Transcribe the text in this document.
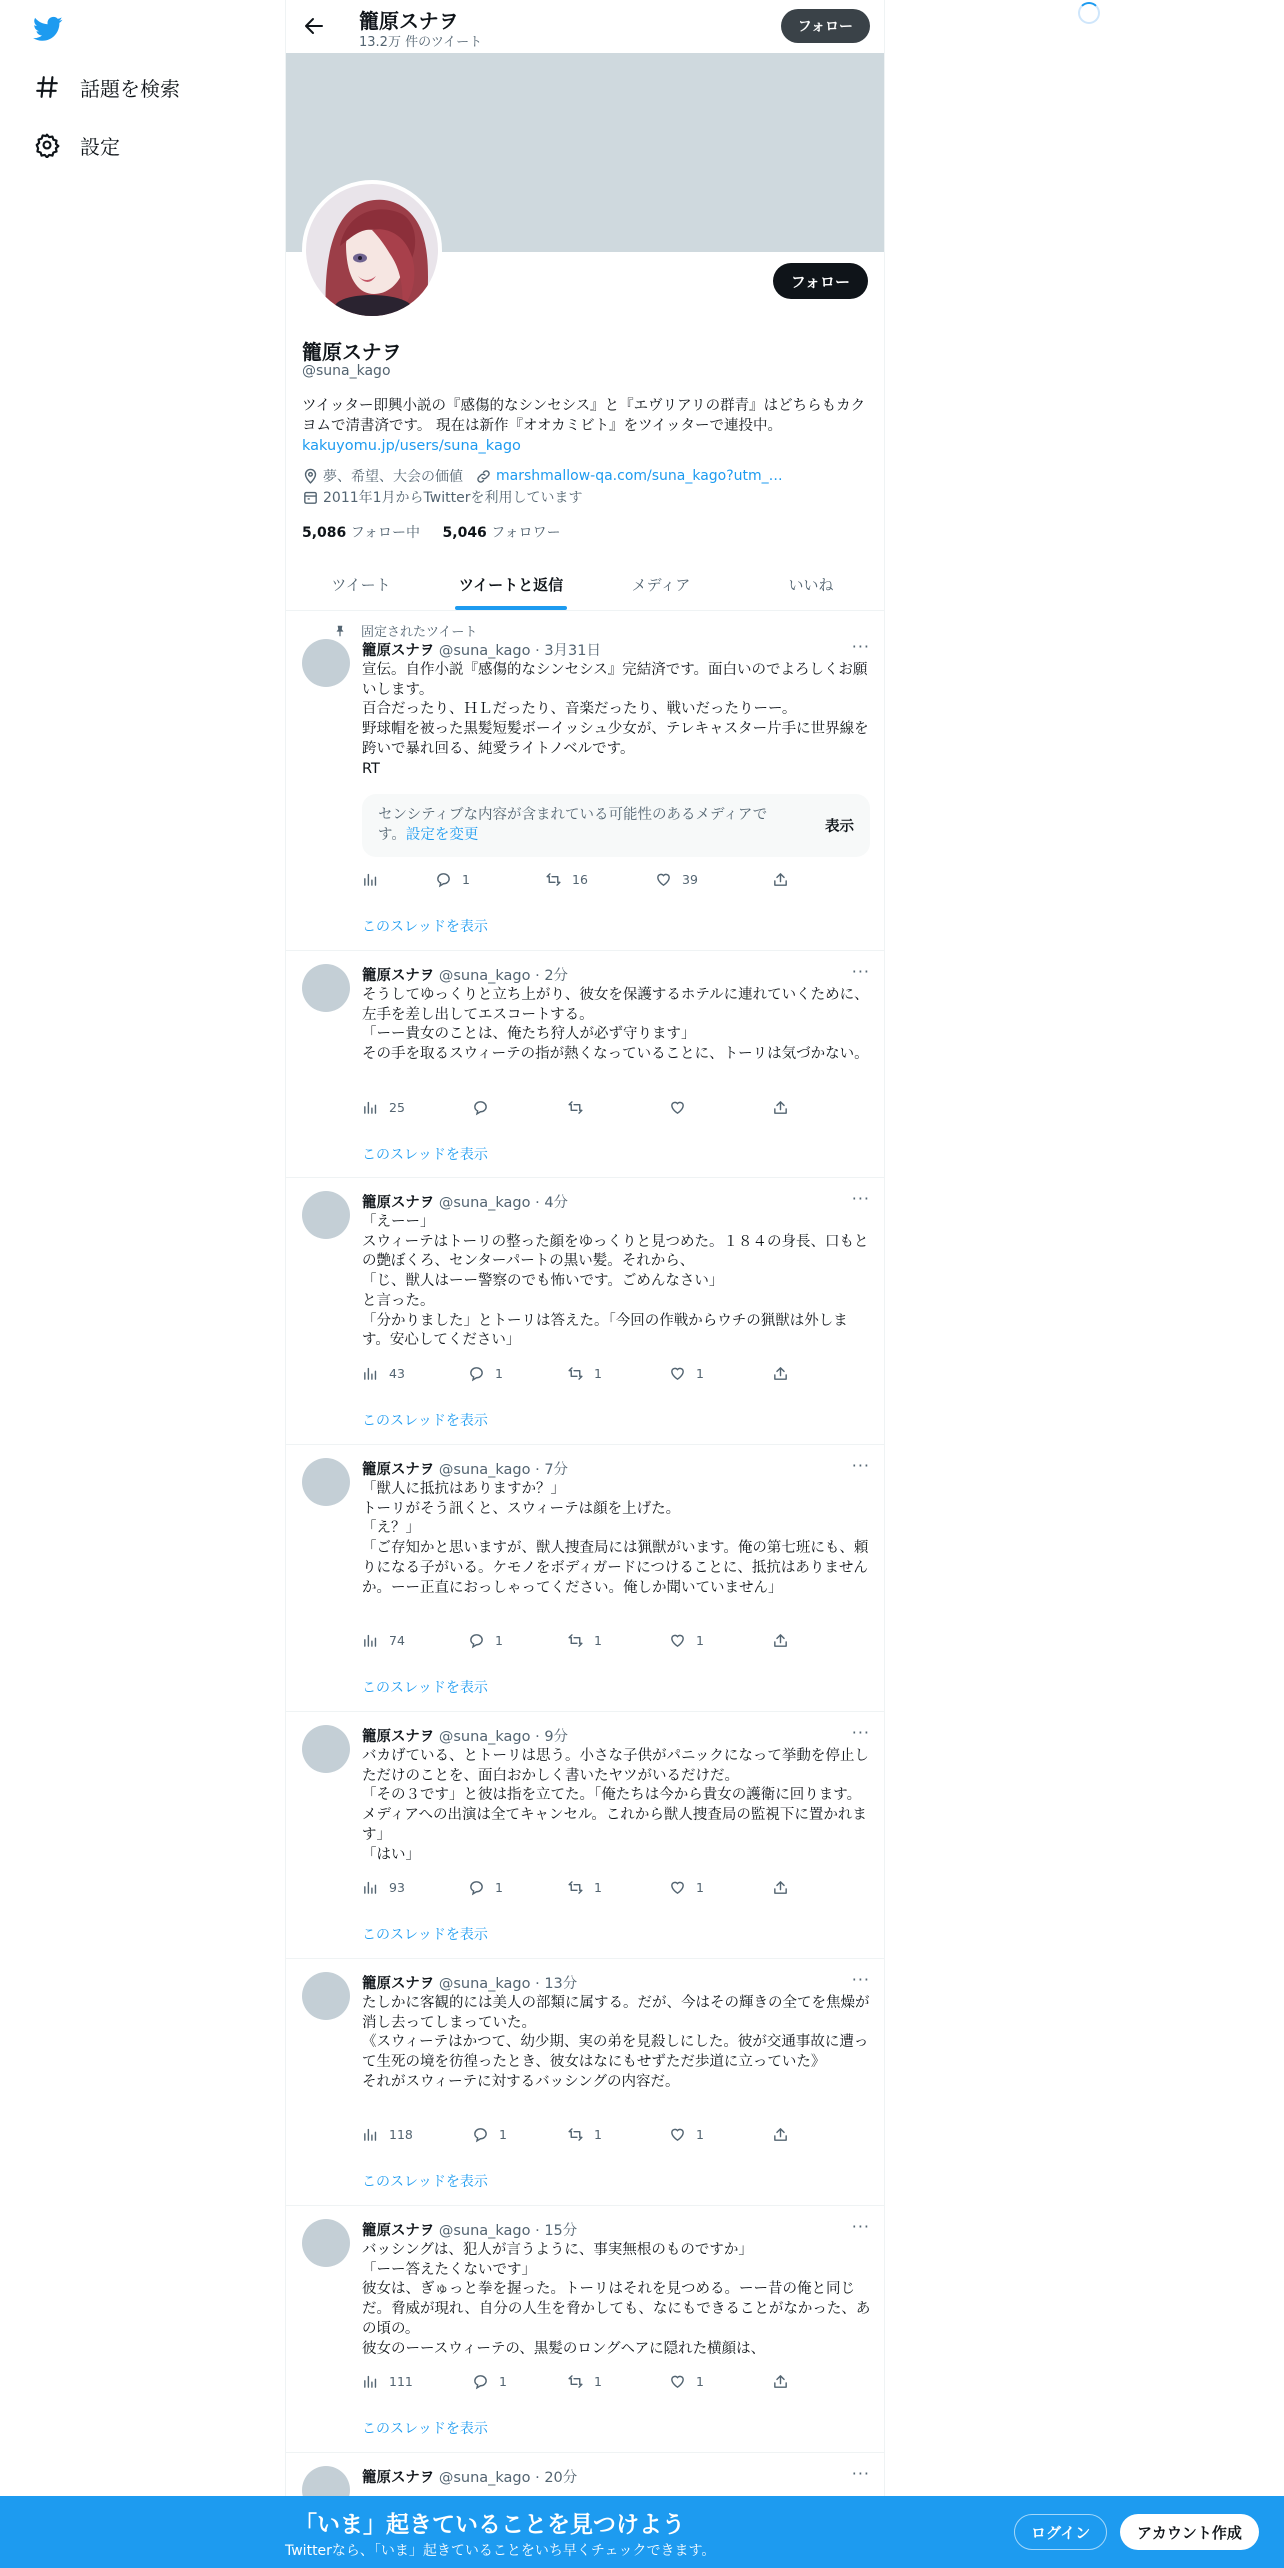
話題を検索
設定
籠原スナヲ
13.2万 件のツイート
フォロー
フォロー
籠原スナヲ
@suna_kago
ツイッター即興小説の『感傷的なシンセシス』と『エヴリアリの群青』はどちらもカクヨムで清書済です。 現在は新作『オオカミビト』をツイッターで連投中。
kakuyomu.jp/users/suna_kago
夢、希望、大会の価値 marshmallow-qa.com/suna_kago?utm_…
2011年1月からTwitterを利用しています
5,086 フォロー中 5,046 フォロワー
ツイート	ツイートと返信	メディア	いいね
固定されたツイート
籠原スナヲ @suna_kago · 3月31日	···
宣伝。自作小説『感傷的なシンセシス』完結済です。面白いのでよろしくお願いします。
百合だったり、ＨＬだったり、音楽だったり、戦いだったりーー。
野球帽を被った黒髪短髪ボーイッシュ少女が、テレキャスター片手に世界線を跨いで暴れ回る、純愛ライトノベルです。
RT
センシティブな内容が含まれている可能性のあるメディアです。設定を変更	表示
1	16	39
このスレッドを表示
籠原スナヲ @suna_kago · 2分	···
そうしてゆっくりと立ち上がり、彼女を保護するホテルに連れていくために、左手を差し出してエスコートする。
「ーー貴女のことは、俺たち狩人が必ず守ります」
その手を取るスウィーテの指が熱くなっていることに、トーリは気づかない。
25
このスレッドを表示
籠原スナヲ @suna_kago · 4分	···
「えーー」
スウィーテはトーリの整った顔をゆっくりと見つめた。１８４の身長、口もとの艶ぼくろ、センターパートの黒い髪。それから、
「じ、獣人はーー警察のでも怖いです。ごめんなさい」
と言った。
「分かりました」とトーリは答えた。「今回の作戦からウチの猟獣は外します。安心してください」
43	1	1	1
このスレッドを表示
籠原スナヲ @suna_kago · 7分	···
「獣人に抵抗はありますか？」
トーリがそう訊くと、スウィーテは顔を上げた。
「え？」
「ご存知かと思いますが、獣人捜査局には猟獣がいます。俺の第七班にも、頼りになる子がいる。ケモノをボディガードにつけることに、抵抗はありませんか。ーー正直におっしゃってください。俺しか聞いていません」
74	1	1	1
このスレッドを表示
籠原スナヲ @suna_kago · 9分	···
バカげている、とトーリは思う。小さな子供がパニックになって挙動を停止しただけのことを、面白おかしく書いたヤツがいるだけだ。
「その３です」と彼は指を立てた。「俺たちは今から貴女の護衛に回ります。メディアへの出演は全てキャンセル。これから獣人捜査局の監視下に置かれます」
「はい」
93	1	1	1
このスレッドを表示
籠原スナヲ @suna_kago · 13分	···
たしかに客観的には美人の部類に属する。だが、今はその輝きの全てを焦燥が消し去ってしまっていた。
《スウィーテはかつて、幼少期、実の弟を見殺しにした。彼が交通事故に遭って生死の境を彷徨ったとき、彼女はなにもせずただ歩道に立っていた》
それがスウィーテに対するバッシングの内容だ。
118	1	1	1
このスレッドを表示
籠原スナヲ @suna_kago · 15分	···
バッシングは、犯人が言うように、事実無根のものですか」
「ーー答えたくないです」
彼女は、ぎゅっと拳を握った。トーリはそれを見つめる。ーー昔の俺と同じだ。脅威が現れ、自分の人生を脅かしても、なにもできることがなかった、あの頃の。
彼女のーースウィーテの、黒髪のロングヘアに隠れた横顔は、
111	1	1	1
このスレッドを表示
籠原スナヲ @suna_kago · 20分	···
「いま」起きていることを見つけよう
Twitterなら、「いま」起きていることをいち早くチェックできます。
ログイン	アカウント作成
